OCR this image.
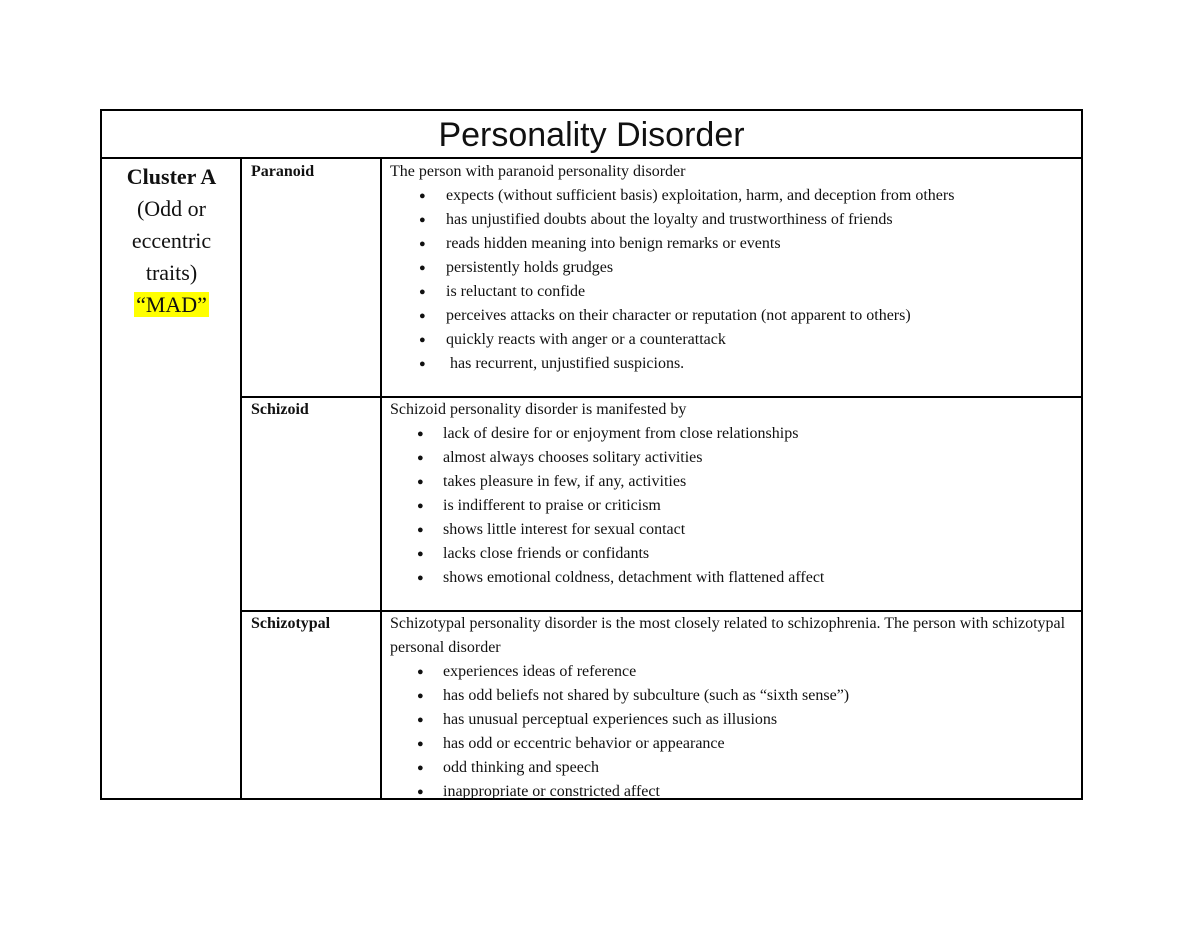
Personality Disorder
Cluster A
(Odd or
eccentric
traits)
“MAD”
Paranoid	The person with paranoid personality disorder
● expects (without sufficient basis) exploitation, harm, and deception from others
● has unjustified doubts about the loyalty and trustworthiness of friends
● reads hidden meaning into benign remarks or events
● persistently holds grudges
● is reluctant to confide
● perceives attacks on their character or reputation (not apparent to others)
● quickly reacts with anger or a counterattack
●  has recurrent, unjustified suspicions.
Schizoid	Schizoid personality disorder is manifested by
● lack of desire for or enjoyment from close relationships
● almost always chooses solitary activities
● takes pleasure in few, if any, activities
● is indifferent to praise or criticism
● shows little interest for sexual contact
● lacks close friends or confidants
● shows emotional coldness, detachment with flattened affect
Schizotypal	Schizotypal personality disorder is the most closely related to schizophrenia. The person with schizotypal personal disorder
● experiences ideas of reference
● has odd beliefs not shared by subculture (such as “sixth sense”)
● has unusual perceptual experiences such as illusions
● has odd or eccentric behavior or appearance
● odd thinking and speech
● inappropriate or constricted affect
